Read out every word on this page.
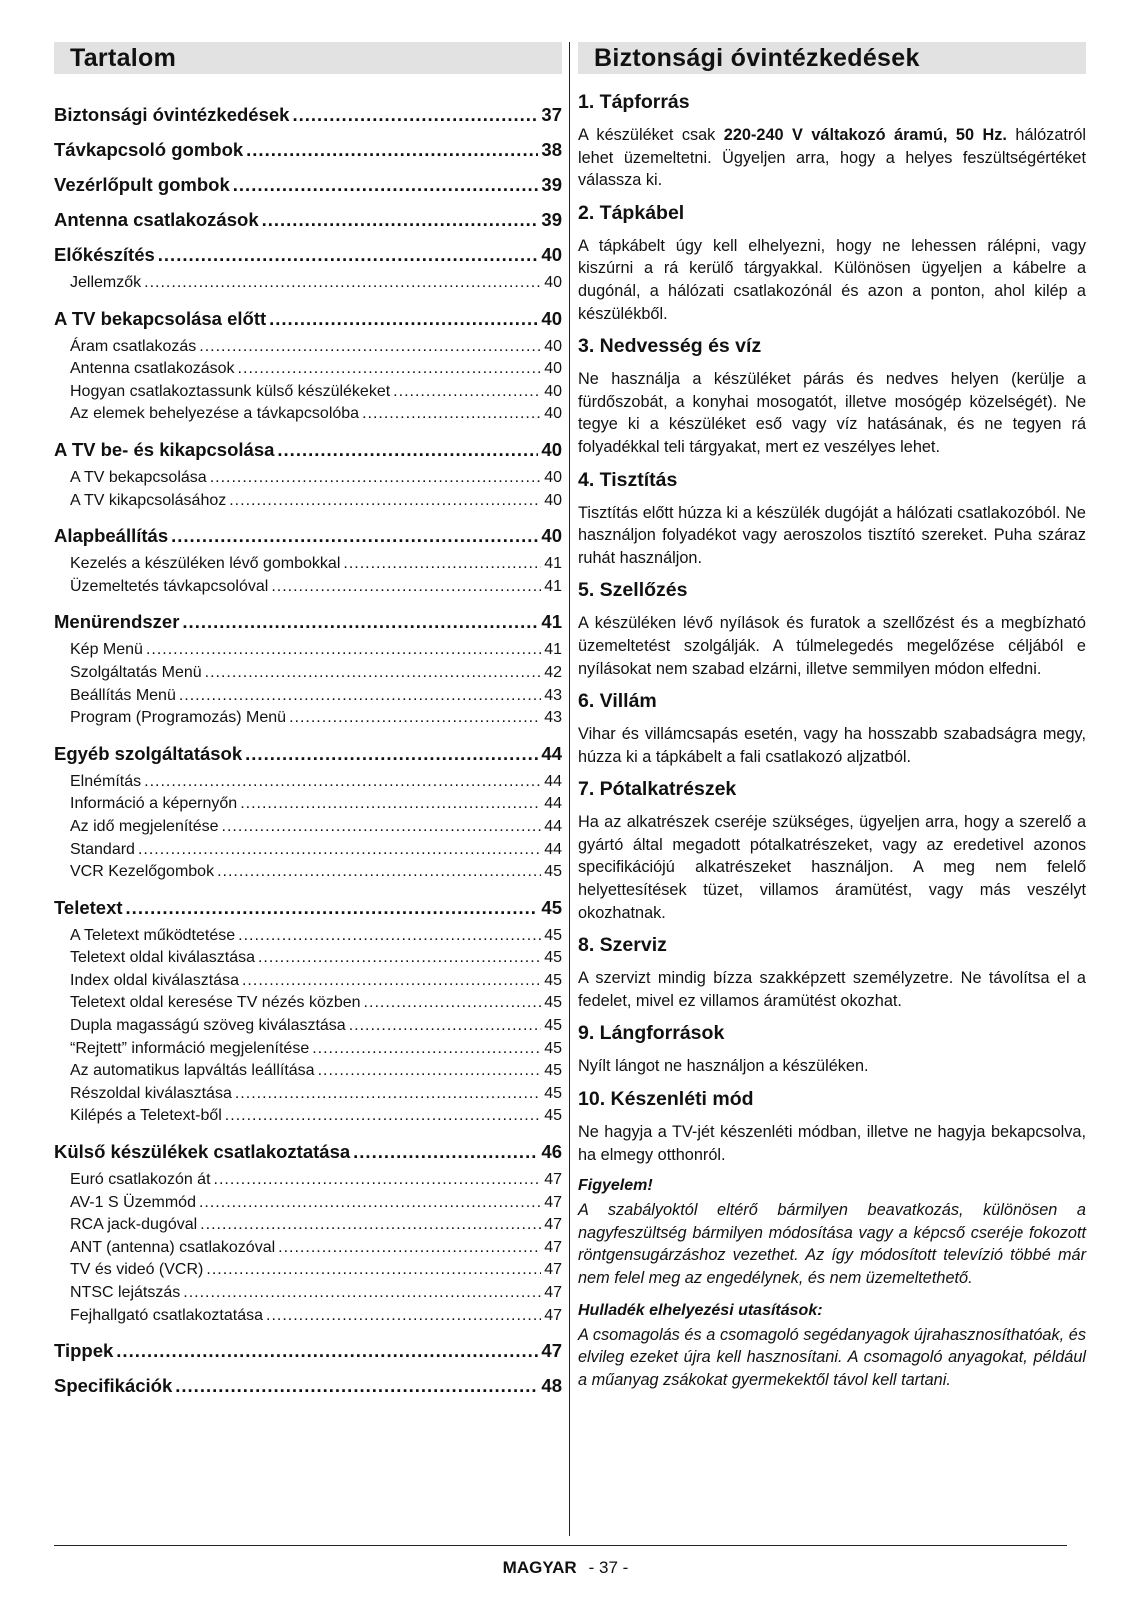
Tartalom
Biztonsági óvintézkedések .....	37
Távkapcsoló gombok .....	38
Vezérlőpult gombok .....	39
Antenna csatlakozások .....	39
Előkészítés .....	40
Jellemzők .....	40
A TV bekapcsolása előtt .....	40
Áram csatlakozás .....	40
Antenna csatlakozások .....	40
Hogyan csatlakoztassunk külső készülékeket .....	40
Az elemek behelyezése a távkapcsolóba .....	40
A TV be- és kikapcsolása .....	40
A TV bekapcsolása .....	40
A TV kikapcsolásához .....	40
Alapbeállítás .....	40
Kezelés a készüléken lévő gombokkal .....	41
Üzemeltetés távkapcsolóval .....	41
Menürendszer .....	41
Kép Menü .....	41
Szolgáltatás Menü .....	42
Beállítás Menü .....	43
Program (Programozás) Menü .....	43
Egyéb szolgáltatások .....	44
Elnémítás .....	44
Információ a képernyőn .....	44
Az idő megjelenítése .....	44
Standard .....	44
VCR Kezelőgombok .....	45
Teletext .....	45
A Teletext működtetése .....	45
Teletext oldal kiválasztása .....	45
Index oldal kiválasztása .....	45
Teletext oldal keresése TV nézés közben .....	45
Dupla magasságú szöveg kiválasztása .....	45
“Rejtett” információ megjelenítése .....	45
Az automatikus lapváltás leállítása .....	45
Részoldal kiválasztása .....	45
Kilépés a Teletext-ből .....	45
Külső készülékek csatlakoztatása .....	46
Euró csatlakozón át .....	47
AV-1 S Üzemmód .....	47
RCA jack-dugóval .....	47
ANT (antenna) csatlakozóval .....	47
TV és videó (VCR) .....	47
NTSC lejátszás .....	47
Fejhallgató csatlakoztatása .....	47
Tippek .....	47
Specifikációk .....	48
Biztonsági óvintézkedések
1. Tápforrás

A készüléket csak 220-240 V váltakozó áramú, 50 Hz. hálózatról lehet üzemeltetni. Ügyeljen arra, hogy a helyes feszültségértéket válassza ki.

2. Tápkábel

A tápkábelt úgy kell elhelyezni, hogy ne lehessen rálépni, vagy kiszúrni a rá kerülő tárgyakkal. Különösen ügyeljen a kábelre a dugónál, a hálózati csatlakozónál és azon a ponton, ahol kilép a készülékből.

3. Nedvesség és víz

Ne használja a készüléket párás és nedves helyen (kerülje a fürdőszobát, a konyhai mosogatót, illetve mosógép közelségét). Ne tegye ki a készüléket eső vagy víz hatásának, és ne tegyen rá folyadékkal teli tárgyakat, mert ez veszélyes lehet.

4. Tisztítás

Tisztítás előtt húzza ki a készülék dugóját a hálózati csatlakozóból. Ne használjon folyadékot vagy aeroszolos tisztító szereket. Puha száraz ruhát használjon.

5. Szellőzés

A készüléken lévő nyílások és furatok a szellőzést és a megbízható üzemeltetést szolgálják. A túlmelegedés megelőzése céljából e nyílásokat nem szabad elzárni, illetve semmilyen módon elfedni.

6. Villám

Vihar és villámcsapás esetén, vagy ha hosszabb szabadságra megy, húzza ki a tápkábelt a fali csatlakozó aljzatból.

7. Pótalkatrészek

Ha az alkatrészek cseréje szükséges, ügyeljen arra, hogy a szerelő a gyártó által megadott pótalkatrészeket, vagy az eredetivel azonos specifikációjú alkatrészeket használjon. A meg nem felelő helyettesítések tüzet, villamos áramütést, vagy más veszélyt okozhatnak.

8. Szerviz

A szervizt mindig bízza szakképzett személyzetre. Ne távolítsa el a fedelet, mivel ez villamos áramütést okozhat.

9. Lángforrások

Nyílt lángot ne használjon a készüléken.

10. Készenléti mód

Ne hagyja a TV-jét készenléti módban, illetve ne hagyja bekapcsolva, ha elmegy otthonról.

Figyelem!

A szabályoktól eltérő bármilyen beavatkozás, különösen a nagyfeszültség bármilyen módosítása vagy a képcső cseréje fokozott röntgensugárzáshoz vezethet. Az így módosított televízió többé már nem felel meg az engedélynek, és nem üzemeltethető.

Hulladék elhelyezési utasítások:

A csomagolás és a csomagoló segédanyagok újrahasznosíthatóak, és elvileg ezeket újra kell hasznosítani. A csomagoló anyagokat, például a műanyag zsákokat gyermekektől távol kell tartani.

MAGYAR - 37 -
